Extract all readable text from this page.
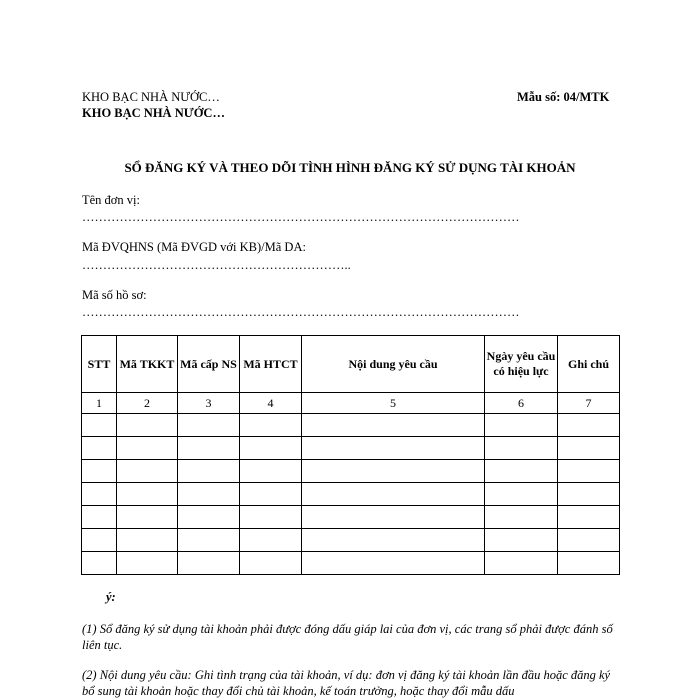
KHO BẠC NHÀ NƯỚC…
KHO BẠC NHÀ NƯỚC…
Mẫu số: 04/MTK
SỔ ĐĂNG KÝ VÀ THEO DÕI TÌNH HÌNH ĐĂNG KÝ SỬ DỤNG TÀI KHOẢN
Tên đơn vị:
……………………………………………………………………………………………
Mã ĐVQHNS (Mã ĐVGD với KB)/Mã DA:
………………………………………………………..
Mã số hồ sơ:
……………………………………………………………………………………………
STT	Mã TKKT	Mã cấp NS	Mã HTCT	Nội dung yêu cầu	Ngày yêu cầu có hiệu lực	Ghi chú
1	2	3	4	5	6	7

ý:
(1) Sổ đăng ký sử dụng tài khoản phải được đóng dấu giáp lai của đơn vị, các trang sổ phải được đánh số liên tục.
(2) Nội dung yêu cầu: Ghi tình trạng của tài khoản, ví dụ: đơn vị đăng ký tài khoản lần đầu hoặc đăng ký bổ sung tài khoản hoặc thay đổi chủ tài khoản, kế toán trưởng, hoặc thay đổi mẫu dấu
